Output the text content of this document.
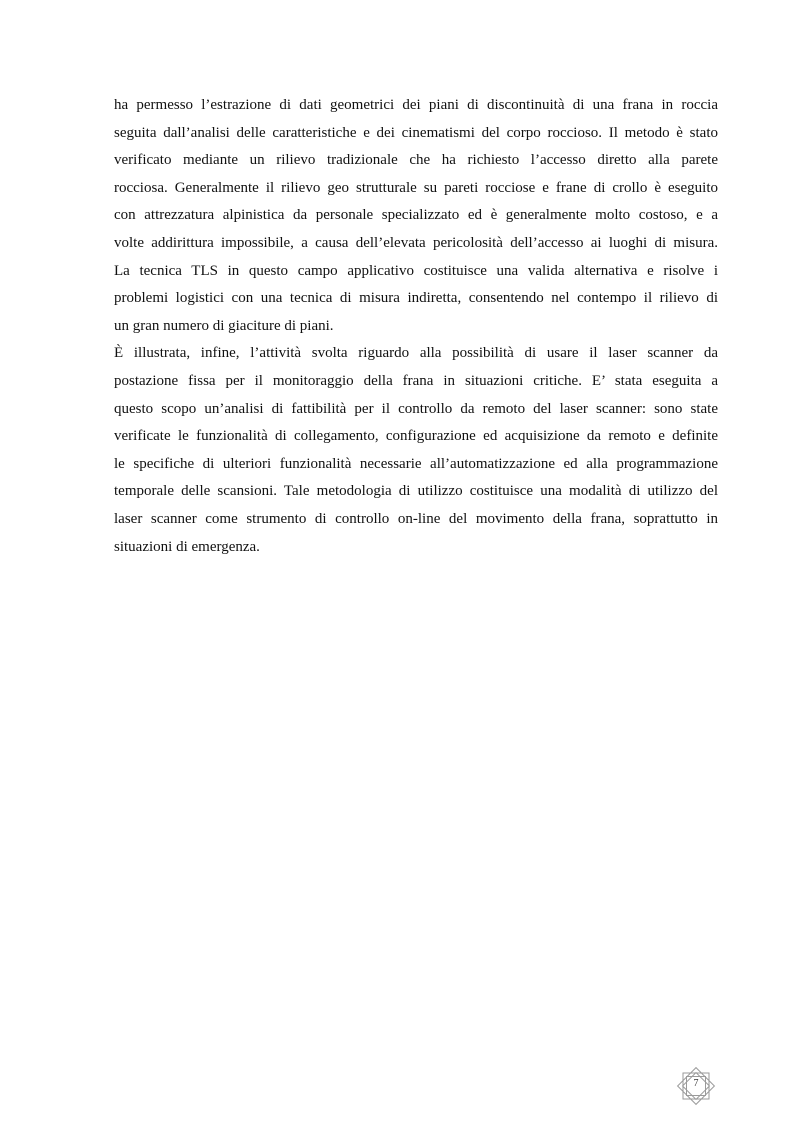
ha permesso l’estrazione di dati geometrici dei piani di discontinuità di una frana in roccia
seguita dall’analisi delle caratteristiche e dei cinematismi del corpo roccioso. Il metodo è stato
verificato mediante un rilievo tradizionale che ha richiesto l’accesso diretto alla parete
rocciosa. Generalmente il rilievo geo strutturale su pareti rocciose e frane di crollo è eseguito
con attrezzatura alpinistica da personale specializzato ed è generalmente molto costoso, e a
volte addirittura impossibile, a causa dell’elevata pericolosità dell’accesso ai luoghi di misura.
La tecnica TLS in questo campo applicativo costituisce una valida alternativa e risolve i
problemi logistici con una tecnica di misura indiretta, consentendo nel contempo il rilievo di
un gran numero di giaciture di piani.

È illustrata, infine, l’attività svolta riguardo alla possibilità di usare il laser scanner da
postazione fissa per il monitoraggio della frana in situazioni critiche. E’ stata eseguita a
questo scopo un’analisi di fattibilità per il controllo da remoto del laser scanner: sono state
verificate le funzionalità di collegamento, configurazione ed acquisizione da remoto e definite
le specifiche di ulteriori funzionalità necessarie all’automatizzazione ed alla programmazione
temporale delle scansioni. Tale metodologia di utilizzo costituisce una modalità di utilizzo del
laser scanner come strumento di controllo on-line del movimento della frana, soprattutto in
situazioni di emergenza.

7
